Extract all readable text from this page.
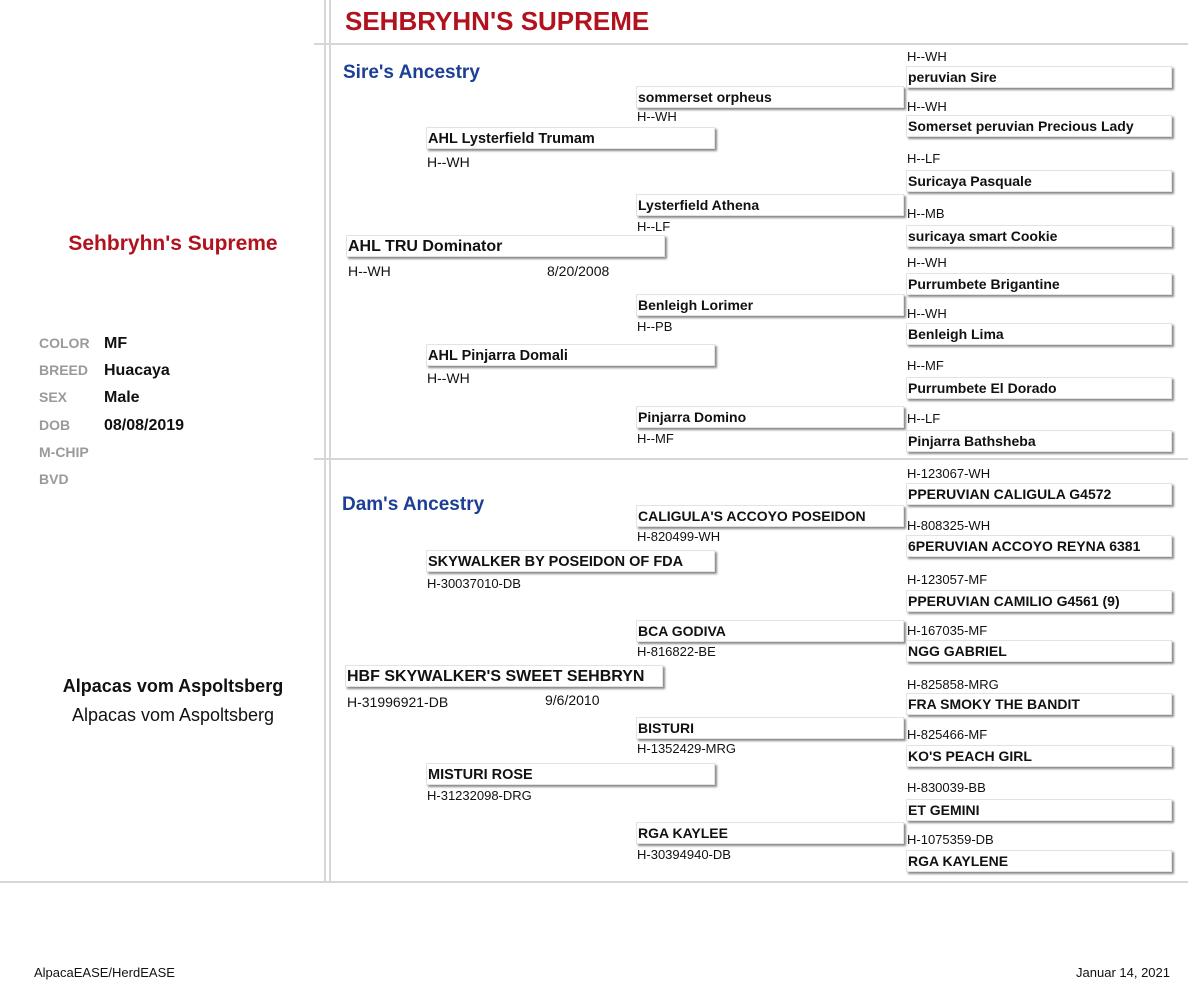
SEHBRYHN'S SUPREME
Sehbryhn's Supreme
COLOR MF
BREED Huacaya
SEX Male
DOB 08/08/2019
M-CHIP
BVD
Alpacas vom Aspoltsberg
Alpacas vom Aspoltsberg
Sire's Ancestry
AHL TRU Dominator
H--WH	8/20/2008
AHL Lysterfield Trumam
H--WH
AHL Pinjarra Domali
H--WH
sommerset orpheus
H--WH
Lysterfield Athena
H--LF
Benleigh Lorimer
H--PB
Pinjarra Domino
H--MF
H--WH
peruvian Sire
H--WH
Somerset peruvian Precious Lady
H--LF
Suricaya Pasquale
H--MB
suricaya smart Cookie
H--WH
Purrumbete Brigantine
H--WH
Benleigh Lima
H--MF
Purrumbete El Dorado
H--LF
Pinjarra Bathsheba
Dam's Ancestry
HBF SKYWALKER'S SWEET SEHBRYN
H-31996921-DB	9/6/2010
SKYWALKER BY POSEIDON OF FDA
H-30037010-DB
MISTURI ROSE
H-31232098-DRG
CALIGULA'S ACCOYO POSEIDON
H-820499-WH
BCA GODIVA
H-816822-BE
BISTURI
H-1352429-MRG
RGA KAYLEE
H-30394940-DB
H-123067-WH
PPERUVIAN CALIGULA G4572
H-808325-WH
6PERUVIAN ACCOYO REYNA 6381
H-123057-MF
PPERUVIAN CAMILIO G4561 (9)
H-167035-MF
NGG GABRIEL
H-825858-MRG
FRA SMOKY THE BANDIT
H-825466-MF
KO'S PEACH GIRL
H-830039-BB
ET GEMINI
H-1075359-DB
RGA KAYLENE
AlpacaEASE/HerdEASE	Januar 14, 2021
